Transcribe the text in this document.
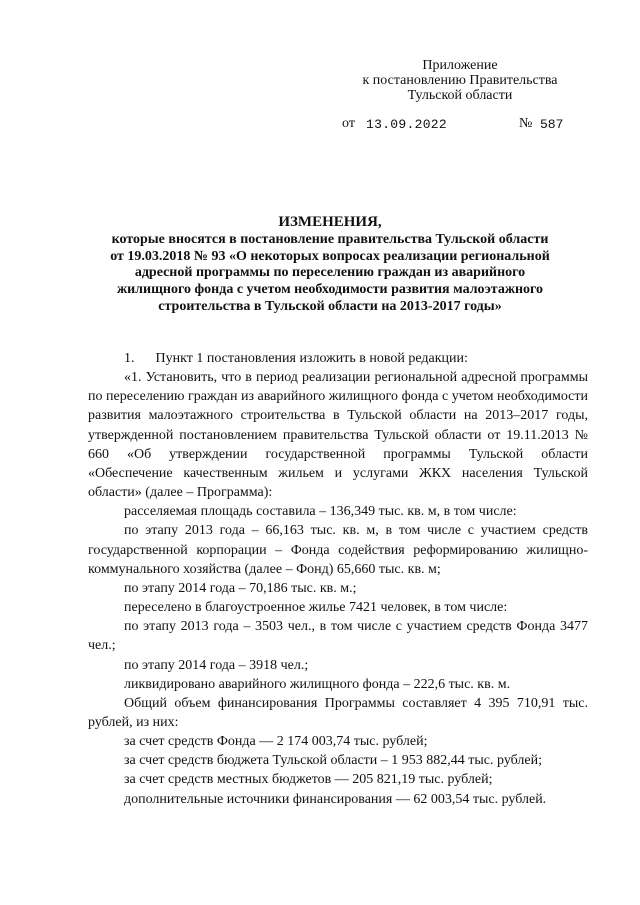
Приложение
к постановлению Правительства
Тульской области
от 13.09.2022	№ 587
ИЗМЕНЕНИЯ,
которые вносятся в постановление правительства Тульской области
от 19.03.2018 № 93 «О некоторых вопросах реализации региональной
адресной программы по переселению граждан из аварийного
жилищного фонда с учетом необходимости развития малоэтажного
строительства в Тульской области на 2013-2017 годы»

1.  Пункт 1 постановления изложить в новой редакции:

«1. Установить, что в период реализации региональной адресной программы по переселению граждан из аварийного жилищного фонда с учетом необходимости развития малоэтажного строительства в Тульской области на 2013–2017 годы, утвержденной постановлением правительства Тульской области от 19.11.2013 № 660 «Об утверждении государственной программы Тульской области «Обеспечение качественным жильем и услугами ЖКХ населения Тульской области» (далее – Программа):

расселяемая площадь составила – 136,349 тыс. кв. м, в том числе:

по этапу 2013 года – 66,163 тыс. кв. м, в том числе с участием средств государственной корпорации – Фонда содействия реформированию жилищно-коммунального хозяйства (далее – Фонд) 65,660 тыс. кв. м;

по этапу 2014 года – 70,186 тыс. кв. м.;

переселено в благоустроенное жилье 7421 человек, в том числе:

по этапу 2013 года – 3503 чел., в том числе с участием средств Фонда 3477 чел.;

по этапу 2014 года – 3918 чел.;

ликвидировано аварийного жилищного фонда – 222,6 тыс. кв. м.

Общий объем финансирования Программы составляет 4 395 710,91 тыс. рублей, из них:

за счет средств Фонда — 2 174 003,74 тыс. рублей;

за счет средств бюджета Тульской области – 1 953 882,44 тыс. рублей;

за счет средств местных бюджетов — 205 821,19 тыс. рублей;

дополнительные источники финансирования — 62 003,54 тыс. рублей.
